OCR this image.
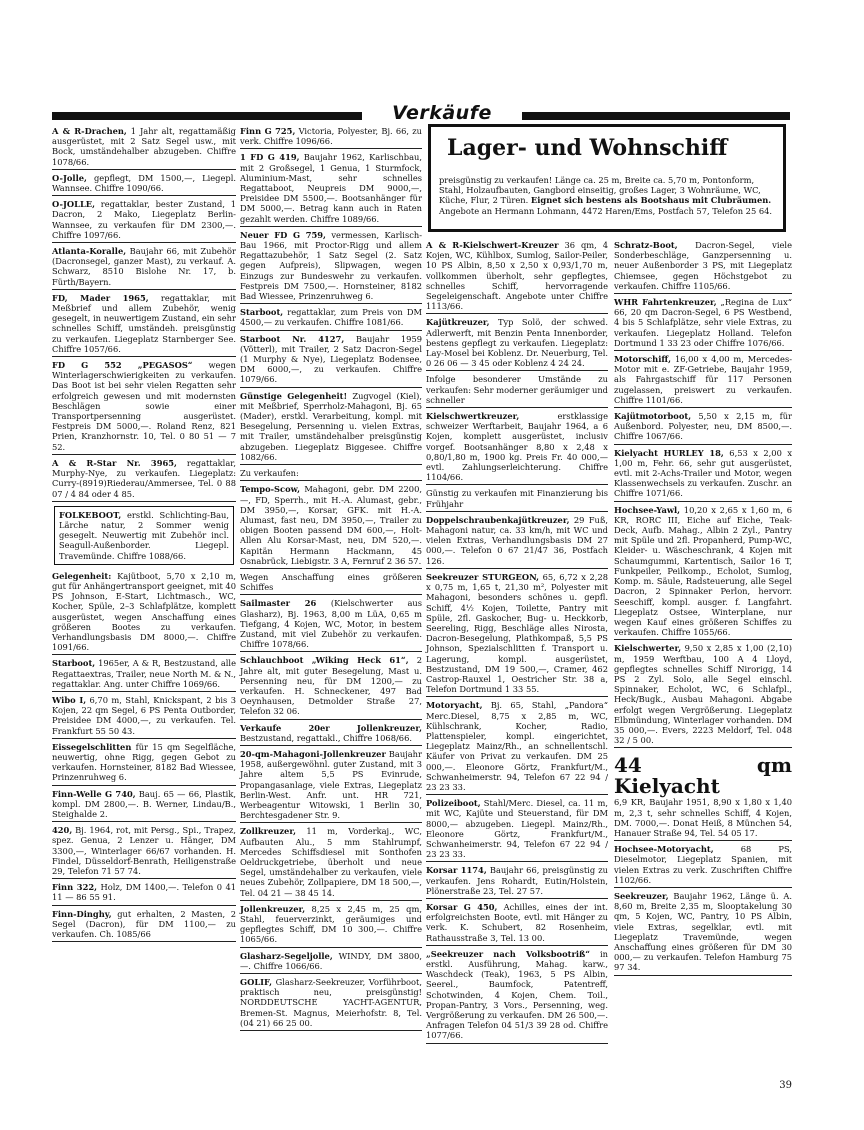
Verkäufe
A & R-Drachen, 1 Jahr alt, regattamäßig ausgerüstet, mit 2 Satz Segel usw., mit Bock, umständehalber abzugeben. Chiffre 1078/66.
O-Jolle, gepflegt, DM 1500,—, Liegepl. Wannsee. Chiffre 1090/66.
O-JOLLE, regattaklar, bester Zustand, 1 Dacron, 2 Mako, Liegeplatz Berlin-Wannsee, zu verkaufen für DM 2300,—. Chiffre 1097/66.
Atlanta-Koralle, Baujahr 66, mit Zubehör (Dacronsegel, ganzer Mast), zu verkauf. A. Schwarz, 8510 Bislohe Nr. 17, b. Fürth/Bayern.
FD, Mader 1965, regattaklar, mit Meßbrief und allem Zubehör, wenig gesegelt, in neuwertigem Zustand, ein sehr schnelles Schiff, umständeh. preisgünstig zu verkaufen. Liegeplatz Starnberger See. Chiffre 1057/66.
FD G 552 „PEGASOS“ wegen Winterlagerschwierigkeiten zu verkaufen. Das Boot ist bei sehr vielen Regatten sehr erfolgreich gewesen und mit modernsten Beschlägen sowie einer Transportpersenning ausgerüstet. Festpreis DM 5000,—. Roland Renz, 821 Prien, Kranzhornstr. 10, Tel. 0 80 51 — 7 52.
A & R-Star Nr. 3965, regattaklar, Murphy-Nye, zu verkaufen. Liegeplatz: Curry-(8919)Riederau/Ammersee, Tel. 0 88 07 / 4 84 oder 4 85.
FOLKEBOOT, erstkl. Schlichting-Bau, Lärche natur, 2 Sommer wenig gesegelt. Neuwertig mit Zubehör incl. Seagull-Außenborder. Liegepl. Travemünde. Chiffre 1088/66.
Gelegenheit: Kajütboot, 5,70 x 2,10 m, gut für Anhängertransport geeignet, mit 40 PS Johnson, E-Start, Lichtmasch., WC, Kocher, Spüle, 2–3 Schlafplätze, komplett ausgerüstet, wegen Anschaffung eines größeren Bootes zu verkaufen. Verhandlungsbasis DM 8000,—. Chiffre 1091/66.
Starboot, 1965er, A & R, Bestzustand, alle Regattaextras, Trailer, neue North M. & N., regattaklar. Ang. unter Chiffre 1069/66.
Wibo I, 6,70 m, Stahl, Knickspant, 2 bis 3 Kojen, 22 qm Segel, 6 PS Penta Outborder, Preisidee DM 4000,—, zu verkaufen. Tel. Frankfurt 55 50 43.
Eissegelschlitten für 15 qm Segelfläche, neuwertig, ohne Rigg, gegen Gebot zu verkaufen. Hornsteiner, 8182 Bad Wiessee, Prinzenruhweg 6.
Finn-Welle G 740, Bauj. 65 — 66, Plastik, kompl. DM 2800,—. B. Werner, Lindau/B., Steighalde 2.
420, Bj. 1964, rot, mit Persg., Spi., Trapez, spez. Genua, 2 Lenzer u. Hänger, DM 3300,—, Winterlager 66/67 vorhanden. H. Findel, Düsseldorf-Benrath, Heiligenstraße 29, Telefon 71 57 74.
Finn 322, Holz, DM 1400,—. Telefon 0 41 11 — 86 55 91.
Finn-Dinghy, gut erhalten, 2 Masten, 2 Segel (Dacron), für DM 1100,— zu verkaufen. Ch. 1085/66
Finn G 725, Victoria, Polyester, Bj. 66, zu verk. Chiffre 1096/66.
1 FD G 419, Baujahr 1962, Karlischbau, mit 2 Großsegel, 1 Genua, 1 Sturmfock, Aluminium-Mast, sehr schnelles Regattaboot, Neupreis DM 9000,—, Preisidee DM 5500,—. Bootsanhänger für DM 5000,—. Betrag kann auch in Raten gezahlt werden. Chiffre 1089/66.
Neuer FD G 759, vermessen, Karlisch-Bau 1966, mit Proctor-Rigg und allem Regattazubehör, 1 Satz Segel (2. Satz gegen Aufpreis), Slipwagen, wegen Einzugs zur Bundeswehr zu verkaufen. Festpreis DM 7500,—. Hornsteiner, 8182 Bad Wiessee, Prinzenruhweg 6.
Starboot, regattaklar, zum Preis von DM 4500,— zu verkaufen. Chiffre 1081/66.
Starboot Nr. 4127, Baujahr 1959 (Vötterl), mit Trailer, 2 Satz Dacron-Segel (1 Murphy & Nye), Liegeplatz Bodensee, DM 6000,—, zu verkaufen. Chiffre 1079/66.
Günstige Gelegenheit! Zugvogel (Kiel), mit Meßbrief, Sperrholz-Mahagoni, Bj. 65 (Mader), erstkl. Verarbeitung, kompl. mit Besegelung, Persenning u. vielen Extras, mit Trailer, umständehalber preisgünstig abzugeben. Liegeplatz Biggesee. Chiffre 1082/66.
Zu verkaufen:
Tempo-Scow, Mahagoni, gebr. DM 2200,—, FD, Sperrh., mit H.-A. Alumast, gebr., DM 3950,—, Korsar, GFK. mit H.-A. Alumast, fast neu, DM 3950,—, Trailer zu obigen Booten passend DM 600,—, Holt-Allen Alu Korsar-Mast, neu, DM 520,—. Kapitän Hermann Hackmann, 45 Osnabrück, Liebigstr. 3 A, Fernruf 2 36 57.
Wegen Anschaffung eines größeren Schiffes
Sailmaster 26 (Kielschwerter aus Glasharz), Bj. 1963, 8,00 m LüA, 0,65 m Tiefgang, 4 Kojen, WC, Motor, in bestem Zustand, mit viel Zubehör zu verkaufen. Chiffre 1078/66.
Schlauchboot „Wiking Heck 61“, 2 Jahre alt, mit guter Besegelung, Mast u. Persenning neu, für DM 1200,— zu verkaufen. H. Schneckener, 497 Bad Oeynhausen, Detmolder Straße 27, Telefon 32 06.
Verkaufe 20er Jollenkreuzer, Bestzustand, regattakl., Chiffre 1068/66.
20-qm-Mahagoni-Jollenkreuzer Baujahr 1958, außergewöhnl. guter Zustand, mit 3 Jahre altem 5,5 PS Evinrude, Propangasanlage, viele Extras, Liegeplatz Berlin-West. Anfr. unt. HR 721, Werbeagentur Witowski, 1 Berlin 30, Berchtesgadener Str. 9.
Zollkreuzer, 11 m, Vorderkaj., WC, Aufbauten Alu., 5 mm Stahlrumpf, Mercedes Schiffsdiesel mit Sonthofen Oeldruckgetriebe, überholt und neue Segel, umständehalber zu verkaufen, viele neues Zubehör, Zollpapiere, DM 18 500,—, Tel. 04 21 — 38 45 14.
Jollenkreuzer, 8,25 x 2,45 m, 25 qm, Stahl, feuerverzinkt, geräumiges und gepflegtes Schiff, DM 10 300,—. Chiffre 1065/66.
Glasharz-Segeljolle, WINDY, DM 3800,—. Chiffre 1066/66.
GOLIF, Glasharz-Seekreuzer, Vorführboot, praktisch neu, preisgünstig! NORDDEUTSCHE YACHT-AGENTUR, Bremen-St. Magnus, Meierhofstr. 8, Tel. (04 21) 66 25 00.
Lager- und Wohnschiff
preisgünstig zu verkaufen! Länge ca. 25 m, Breite ca. 5,70 m, Pontonform, Stahl, Holzaufbauten, Gangbord einseitig, großes Lager, 3 Wohnräume, WC, Küche, Flur, 2 Türen. Eignet sich bestens als Bootshaus mit Clubräumen. Angebote an Hermann Lohmann, 4472 Haren/Ems, Postfach 57, Telefon 25 64.
A & R-Kielschwert-Kreuzer 36 qm, 4 Kojen, WC, Kühlbox, Sumlog, Sailor-Peiler, 10 PS Albin, 8,50 x 2,50 x 0,93/1,70 m, vollkommen überholt, sehr gepflegtes, schnelles Schiff, hervorragende Segeleigenschaft. Angebote unter Chiffre 1113/66.
Kajütkreuzer, Typ Solö, der schwed. Adlerwerft, mit Benzin Penta Innenborder, bestens gepflegt zu verkaufen. Liegeplatz: Lay-Mosel bei Koblenz. Dr. Neuerburg, Tel. 0 26 06 — 3 45 oder Koblenz 4 24 24.
Infolge besonderer Umstände zu verkaufen: Sehr moderner geräumiger und schneller
Kielschwertkreuzer,	erstklassige schweizer Werftarbeit, Baujahr 1964, a 6 Kojen, komplett ausgerüstet, inclusiv vorgef. Bootsanhänger 8,80 x 2,48 x 0,80/1,80 m, 1900 kg. Preis Fr. 40 000,— evtl. Zahlungserleichterung. Chiffre 1104/66.
Günstig zu verkaufen mit Finanzierung bis Frühjahr
Doppelschraubenkajütkreuzer, 29 Fuß, Mahagoni natur, ca. 33 km/h, mit WC und vielen Extras, Verhandlungsbasis DM 27 000,—. Telefon 0 67 21/47 36, Postfach 126.
Seekreuzer STURGEON, 65, 6,72 x 2,28 x 0,75 m, 1,65 t, 21,30 m², Polyester mit Mahagoni, besonders schönes u. gepfl. Schiff, 4½ Kojen, Toilette, Pantry mit Spüle, 2fl. Gaskocher, Bug- u. Heckkorb, Seereling, Rigg, Beschläge alles Nirosta, Dacron-Besegelung, Plathkompaß, 5,5 PS Johnson, Spezialschlitten f. Transport u. Lagerung, kompl. ausgerüstet, Bestzustand, DM 19 500,—, Cramer, 462 Castrop-Rauxel 1, Oestricher Str. 38 a, Telefon Dortmund 1 33 55.
Motoryacht, Bj. 65, Stahl, „Pandora“ Merc.Diesel, 8,75 x 2,85 m, WC, Kühlschrank, Kocher, Radio, Plattenspieler, kompl. eingerichtet, Liegeplatz Mainz/Rh., an schnellentschl. Käufer von Privat zu verkaufen. DM 25 000,—. Eleonore Görtz, Frankfurt/M., Schwanheimerstr. 94, Telefon 67 22 94 / 23 23 33.
Polizeiboot, Stahl/Merc. Diesel, ca. 11 m, mit WC, Kajüte und Steuerstand, für DM 8000,— abzugeben. Liegepl. Mainz/Rh., Eleonore Görtz, Frankfurt/M., Schwanheimerstr. 94, Telefon 67 22 94 / 23 23 33.
Korsar 1174, Baujahr 66, preisgünstig zu verkaufen. Jens Rohardt, Eutin/Holstein, Plönerstraße 23, Tel. 27 57.
Korsar G 450, Achilles, eines der int. erfolgreichsten Boote, evtl. mit Hänger zu verk. K. Schubert, 82 Rosenheim, Rathausstraße 3, Tel. 13 00.
„Seekreuzer nach Volksbootriß“ in erstkl. Ausführung, Mahag. karw., Waschdeck (Teak), 1963, 5 PS Albin, Seerel., Baumfock, Patentreff, Schotwinden, 4 Kojen, Chem. Toil., Propan-Pantry, 3 Vors., Persenning, weg. Vergrößerung zu verkaufen. DM 26 500,—. Anfragen Telefon 04 51/3 39 28 od. Chiffre 1077/66.
Schratz-Boot, Dacron-Segel, viele Sonderbeschläge, Ganzpersenning u. neuer Außenborder 3 PS, mit Liegeplatz Chiemsee, gegen Höchstgebot zu verkaufen. Chiffre 1105/66.
WHR Fahrtenkreuzer, „Regina de Lux“ 66, 20 qm Dacron-Segel, 6 PS Westbend, 4 bis 5 Schlafplätze, sehr viele Extras, zu verkaufen. Liegeplatz Holland. Telefon Dortmund 1 33 23 oder Chiffre 1076/66.
Motorschiff, 16,00 x 4,00 m, Mercedes-Motor mit e. ZF-Getriebe, Baujahr 1959, als Fahrgastschiff für 117 Personen zugelassen, preiswert zu verkaufen. Chiffre 1101/66.
Kajütmotorboot, 5,50 x 2,15 m, für Außenbord. Polyester, neu, DM 8500,—. Chiffre 1067/66.
Kielyacht HURLEY 18, 6,53 x 2,00 x 1,00 m, Fehr. 66, sehr gut ausgerüstet, evtl. mit 2-Achs-Trailer und Motor, wegen Klassenwechsels zu verkaufen. Zuschr. an Chiffre 1071/66.
Hochsee-Yawl, 10,20 x 2,65 x 1,60 m, 6 KR, RORC III, Eiche auf Eiche, Teak-Deck, Aufb. Mahag., Albin 2 Zyl., Pantry mit Spüle und 2fl. Propanherd, Pump-WC, Kleider- u. Wäscheschrank, 4 Kojen mit Schaumgummi, Kartentisch, Sailor 16 T, Funkpeiler, Peilkomp., Echolot, Sumlog, Komp. m. Säule, Radsteuerung, alle Segel Dacron, 2 Spinnaker Perlon, hervorr. Seeschiff, kompl. ausger. f. Langfahrt. Liegeplatz Ostsee, Winterplane, nur wegen Kauf eines größeren Schiffes zu verkaufen. Chiffre 1055/66.
Kielschwerter, 9,50 x 2,85 x 1,00 (2,10) m, 1959 Werftbau, 100 A 4 Lloyd, gepflegtes schnelles Schiff Nirorigg, 14 PS 2 Zyl. Solo, alle Segel einschl. Spinnaker, Echolot, WC, 6 Schlafpl., Heck/Bugk., Ausbau Mahagoni. Abgabe erfolgt wegen Vergrößerung. Liegeplatz Elbmündung, Winterlager vorhanden. DM 35 000,—. Evers, 2223 Meldorf, Tel. 048 32 / 5 00.
44 qm Kielyacht
6,9 KR, Baujahr 1951, 8,90 x 1,80 x 1,40 m, 2,3 t, sehr schnelles Schiff, 4 Kojen, DM. 7000,—. Donat Heiß, 8 München 54, Hanauer Straße 94, Tel. 54 05 17.
Hochsee-Motoryacht,	68 PS, Dieselmotor, Liegeplatz Spanien, mit vielen Extras zu verk. Zuschriften Chiffre 1102/66.
Seekreuzer, Baujahr 1962, Länge ü. A. 8,60 m, Breite 2,35 m, Slooptakelung 30 qm, 5 Kojen, WC, Pantry, 10 PS Albin, viele Extras, segelklar, evtl. mit Liegeplatz Travemünde, wegen Anschaffung eines größeren für DM 30 000,— zu verkaufen. Telefon Hamburg 75 97 34.
39
